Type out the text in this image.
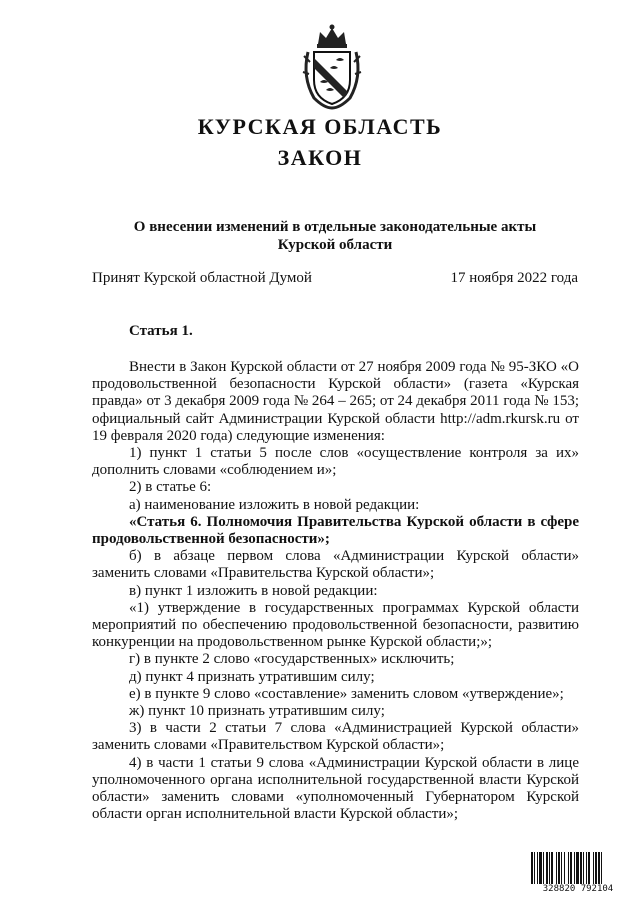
КУРСКАЯ ОБЛАСТЬ
ЗАКОН
О внесении изменений в отдельные законодательные акты
Курской области
Принят Курской областной Думой	17 ноября 2022 года
Статья 1.

Внести в Закон Курской области от 27 ноября 2009 года № 95-ЗКО «О продовольственной безопасности Курской области» (газета «Курская правда» от 3 декабря 2009 года № 264 – 265; от 24 декабря 2011 года № 153; официальный сайт Администрации Курской области http://adm.rkursk.ru от 19 февраля 2020 года) следующие изменения:

1) пункт 1 статьи 5 после слов «осуществление контроля за их» дополнить словами «соблюдением и»;

2) в статье 6:

а) наименование изложить в новой редакции:

«Статья 6. Полномочия Правительства Курской области в сфере продовольственной безопасности»;

б) в абзаце первом слова «Администрации Курской области» заменить словами «Правительства Курской области»;

в) пункт 1 изложить в новой редакции:

«1) утверждение в государственных программах Курской области мероприятий по обеспечению продовольственной безопасности, развитию конкуренции на продовольственном рынке Курской области;»;

г) в пункте 2 слово «государственных» исключить;

д) пункт 4 признать утратившим силу;

е) в пункте 9 слово «составление» заменить словом «утверждение»;

ж) пункт 10 признать утратившим силу;

3) в части 2 статьи 7 слова «Администрацией Курской области» заменить словами «Правительством Курской области»;

4) в части 1 статьи 9 слова «Администрации Курской области в лице уполномоченного органа исполнительной государственной власти Курской области» заменить словами «уполномоченный Губернатором Курской области орган исполнительной власти Курской области»;

328820 792104
